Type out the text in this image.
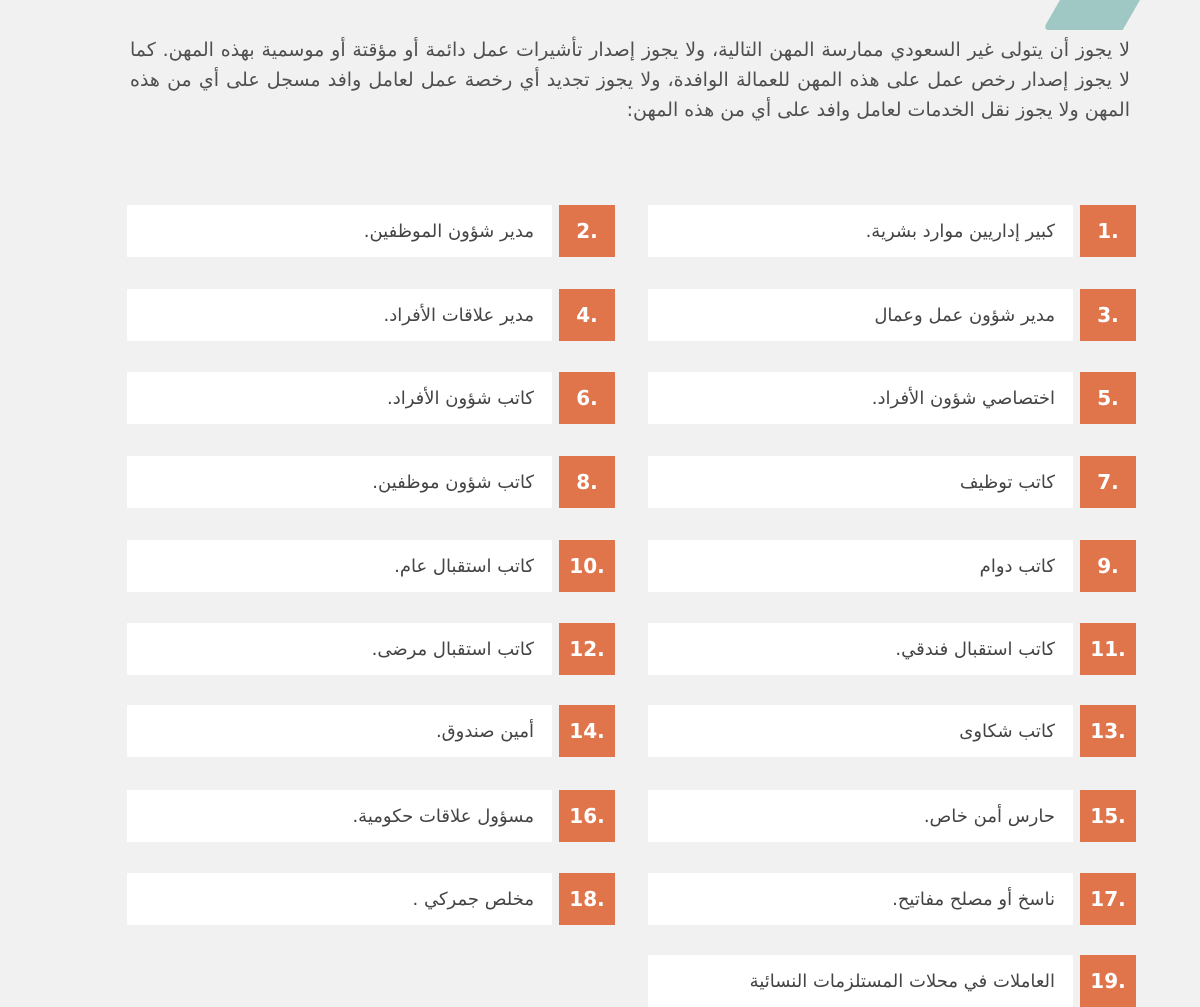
لا يجوز أن يتولى غير السعودي ممارسة المهن التالية، ولا يجوز إصدار تأشيرات عمل دائمة أو مؤقتة أو موسمية بهذه المهن. كما لا يجوز إصدار رخص عمل على هذه المهن للعمالة الوافدة، ولا يجوز تجديد أي رخصة عمل لعامل وافد مسجل على أي من هذه المهن ولا يجوز نقل الخدمات لعامل وافد على أي من هذه المهن:

1.
كبير إداريين موارد بشرية.
2.
مدير شؤون الموظفين.
3.
مدير شؤون عمل وعمال
4.
مدير علاقات الأفراد.
5.
اختصاصي شؤون الأفراد.
6.
كاتب شؤون الأفراد.
7.
كاتب توظيف
8.
كاتب شؤون موظفين.
9.
كاتب دوام
10.
كاتب استقبال عام.
11.
كاتب استقبال فندقي.
12.
كاتب استقبال مرضى.
13.
كاتب شكاوى
14.
أمين صندوق.
15.
حارس أمن خاص.
16.
مسؤول علاقات حكومية.
17.
ناسخ أو مصلح مفاتيح.
18.
مخلص جمركي .
19.
العاملات في محلات المستلزمات النسائية
